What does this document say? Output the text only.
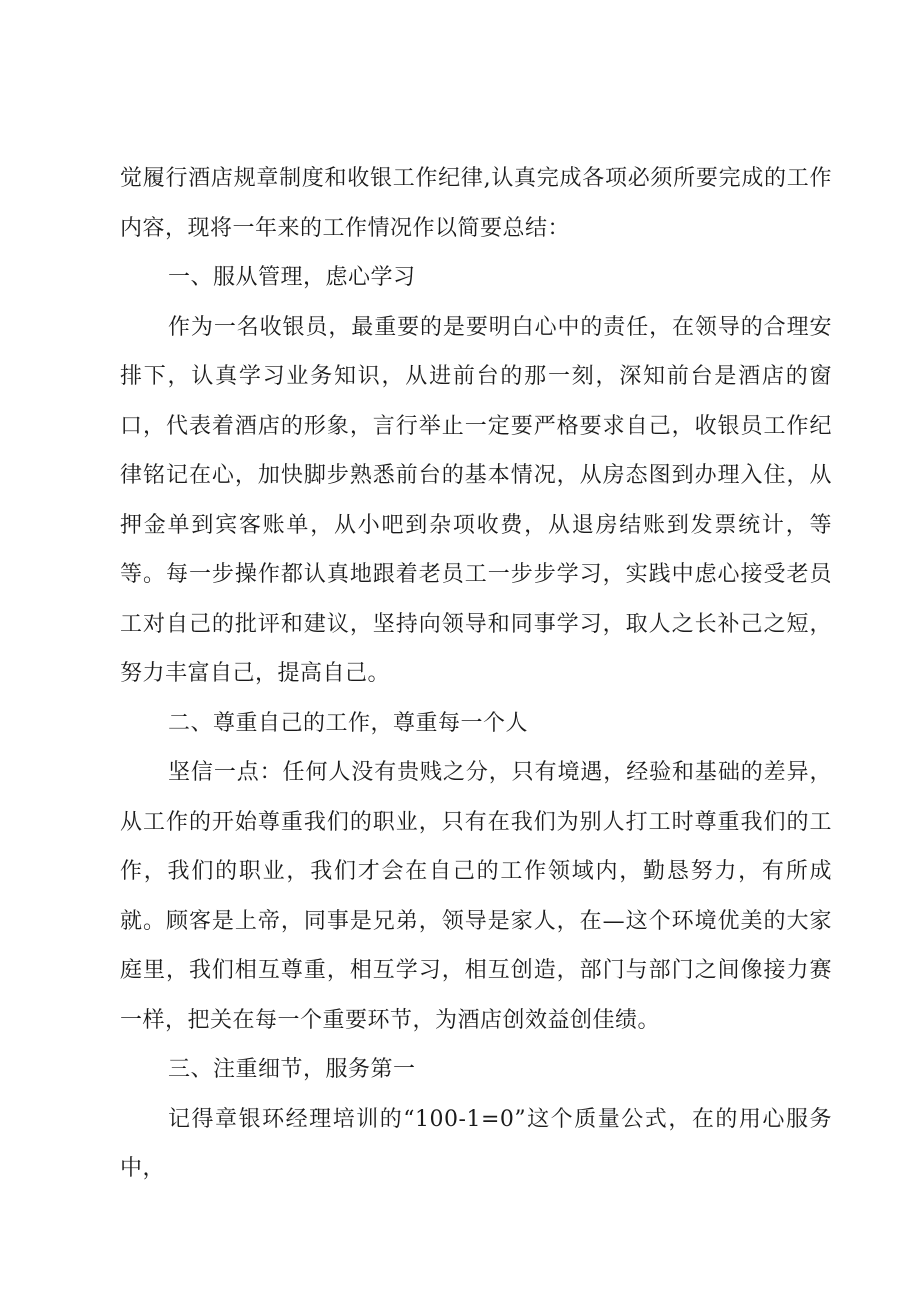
觉履行酒店规章制度和收银工作纪律,认真完成各项必须所要完成的工作内容，现将一年来的工作情况作以简要总结：

一、服从管理，虑心学习

作为一名收银员，最重要的是要明白心中的责任，在领导的合理安排下，认真学习业务知识，从进前台的那一刻，深知前台是酒店的窗口，代表着酒店的形象，言行举止一定要严格要求自己，收银员工作纪律铭记在心，加快脚步熟悉前台的基本情况，从房态图到办理入住，从押金单到宾客账单，从小吧到杂项收费，从退房结账到发票统计，等等。每一步操作都认真地跟着老员工一步步学习，实践中虑心接受老员工对自己的批评和建议，坚持向领导和同事学习，取人之长补己之短，努力丰富自己，提高自己。

二、尊重自己的工作，尊重每一个人

坚信一点：任何人没有贵贱之分，只有境遇，经验和基础的差异，从工作的开始尊重我们的职业，只有在我们为别人打工时尊重我们的工作，我们的职业，我们才会在自己的工作领域内，勤恳努力，有所成就。顾客是上帝，同事是兄弟，领导是家人，在—这个环境优美的大家庭里，我们相互尊重，相互学习，相互创造，部门与部门之间像接力赛一样，把关在每一个重要环节，为酒店创效益创佳绩。

三、注重细节，服务第一

记得章银环经理培训的“100-1=0”这个质量公式，在的用心服务中，
